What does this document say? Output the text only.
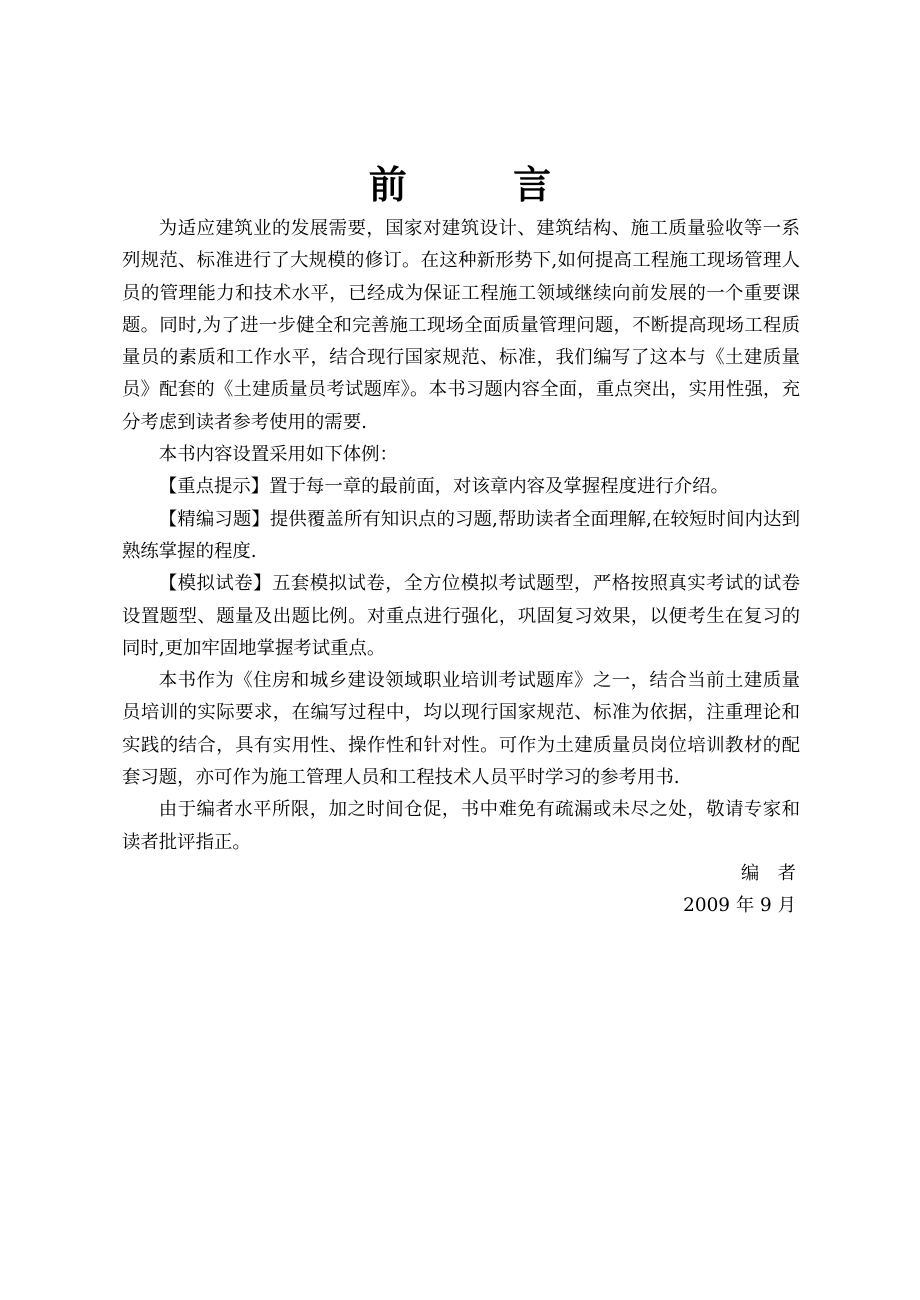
前　言

为适应建筑业的发展需要，国家对建筑设计、建筑结构、施工质量验收等一系列规范、标准进行了大规模的修订。在这种新形势下,如何提高工程施工现场管理人员的管理能力和技术水平，已经成为保证工程施工领域继续向前发展的一个重要课题。同时,为了进一步健全和完善施工现场全面质量管理问题，不断提高现场工程质量员的素质和工作水平，结合现行国家规范、标准，我们编写了这本与《土建质量员》配套的《土建质量员考试题库》。本书习题内容全面，重点突出，实用性强，充分考虑到读者参考使用的需要.

本书内容设置采用如下体例：

【重点提示】置于每一章的最前面，对该章内容及掌握程度进行介绍。

【精编习题】提供覆盖所有知识点的习题,帮助读者全面理解,在较短时间内达到熟练掌握的程度.

【模拟试卷】五套模拟试卷，全方位模拟考试题型，严格按照真实考试的试卷设置题型、题量及出题比例。对重点进行强化，巩固复习效果，以便考生在复习的同时,更加牢固地掌握考试重点。

本书作为《住房和城乡建设领域职业培训考试题库》之一，结合当前土建质量员培训的实际要求，在编写过程中，均以现行国家规范、标准为依据，注重理论和实践的结合，具有实用性、操作性和针对性。可作为土建质量员岗位培训教材的配套习题，亦可作为施工管理人员和工程技术人员平时学习的参考用书.

由于编者水平所限，加之时间仓促，书中难免有疏漏或未尽之处，敬请专家和读者批评指正。

编　者
2009 年 9 月
